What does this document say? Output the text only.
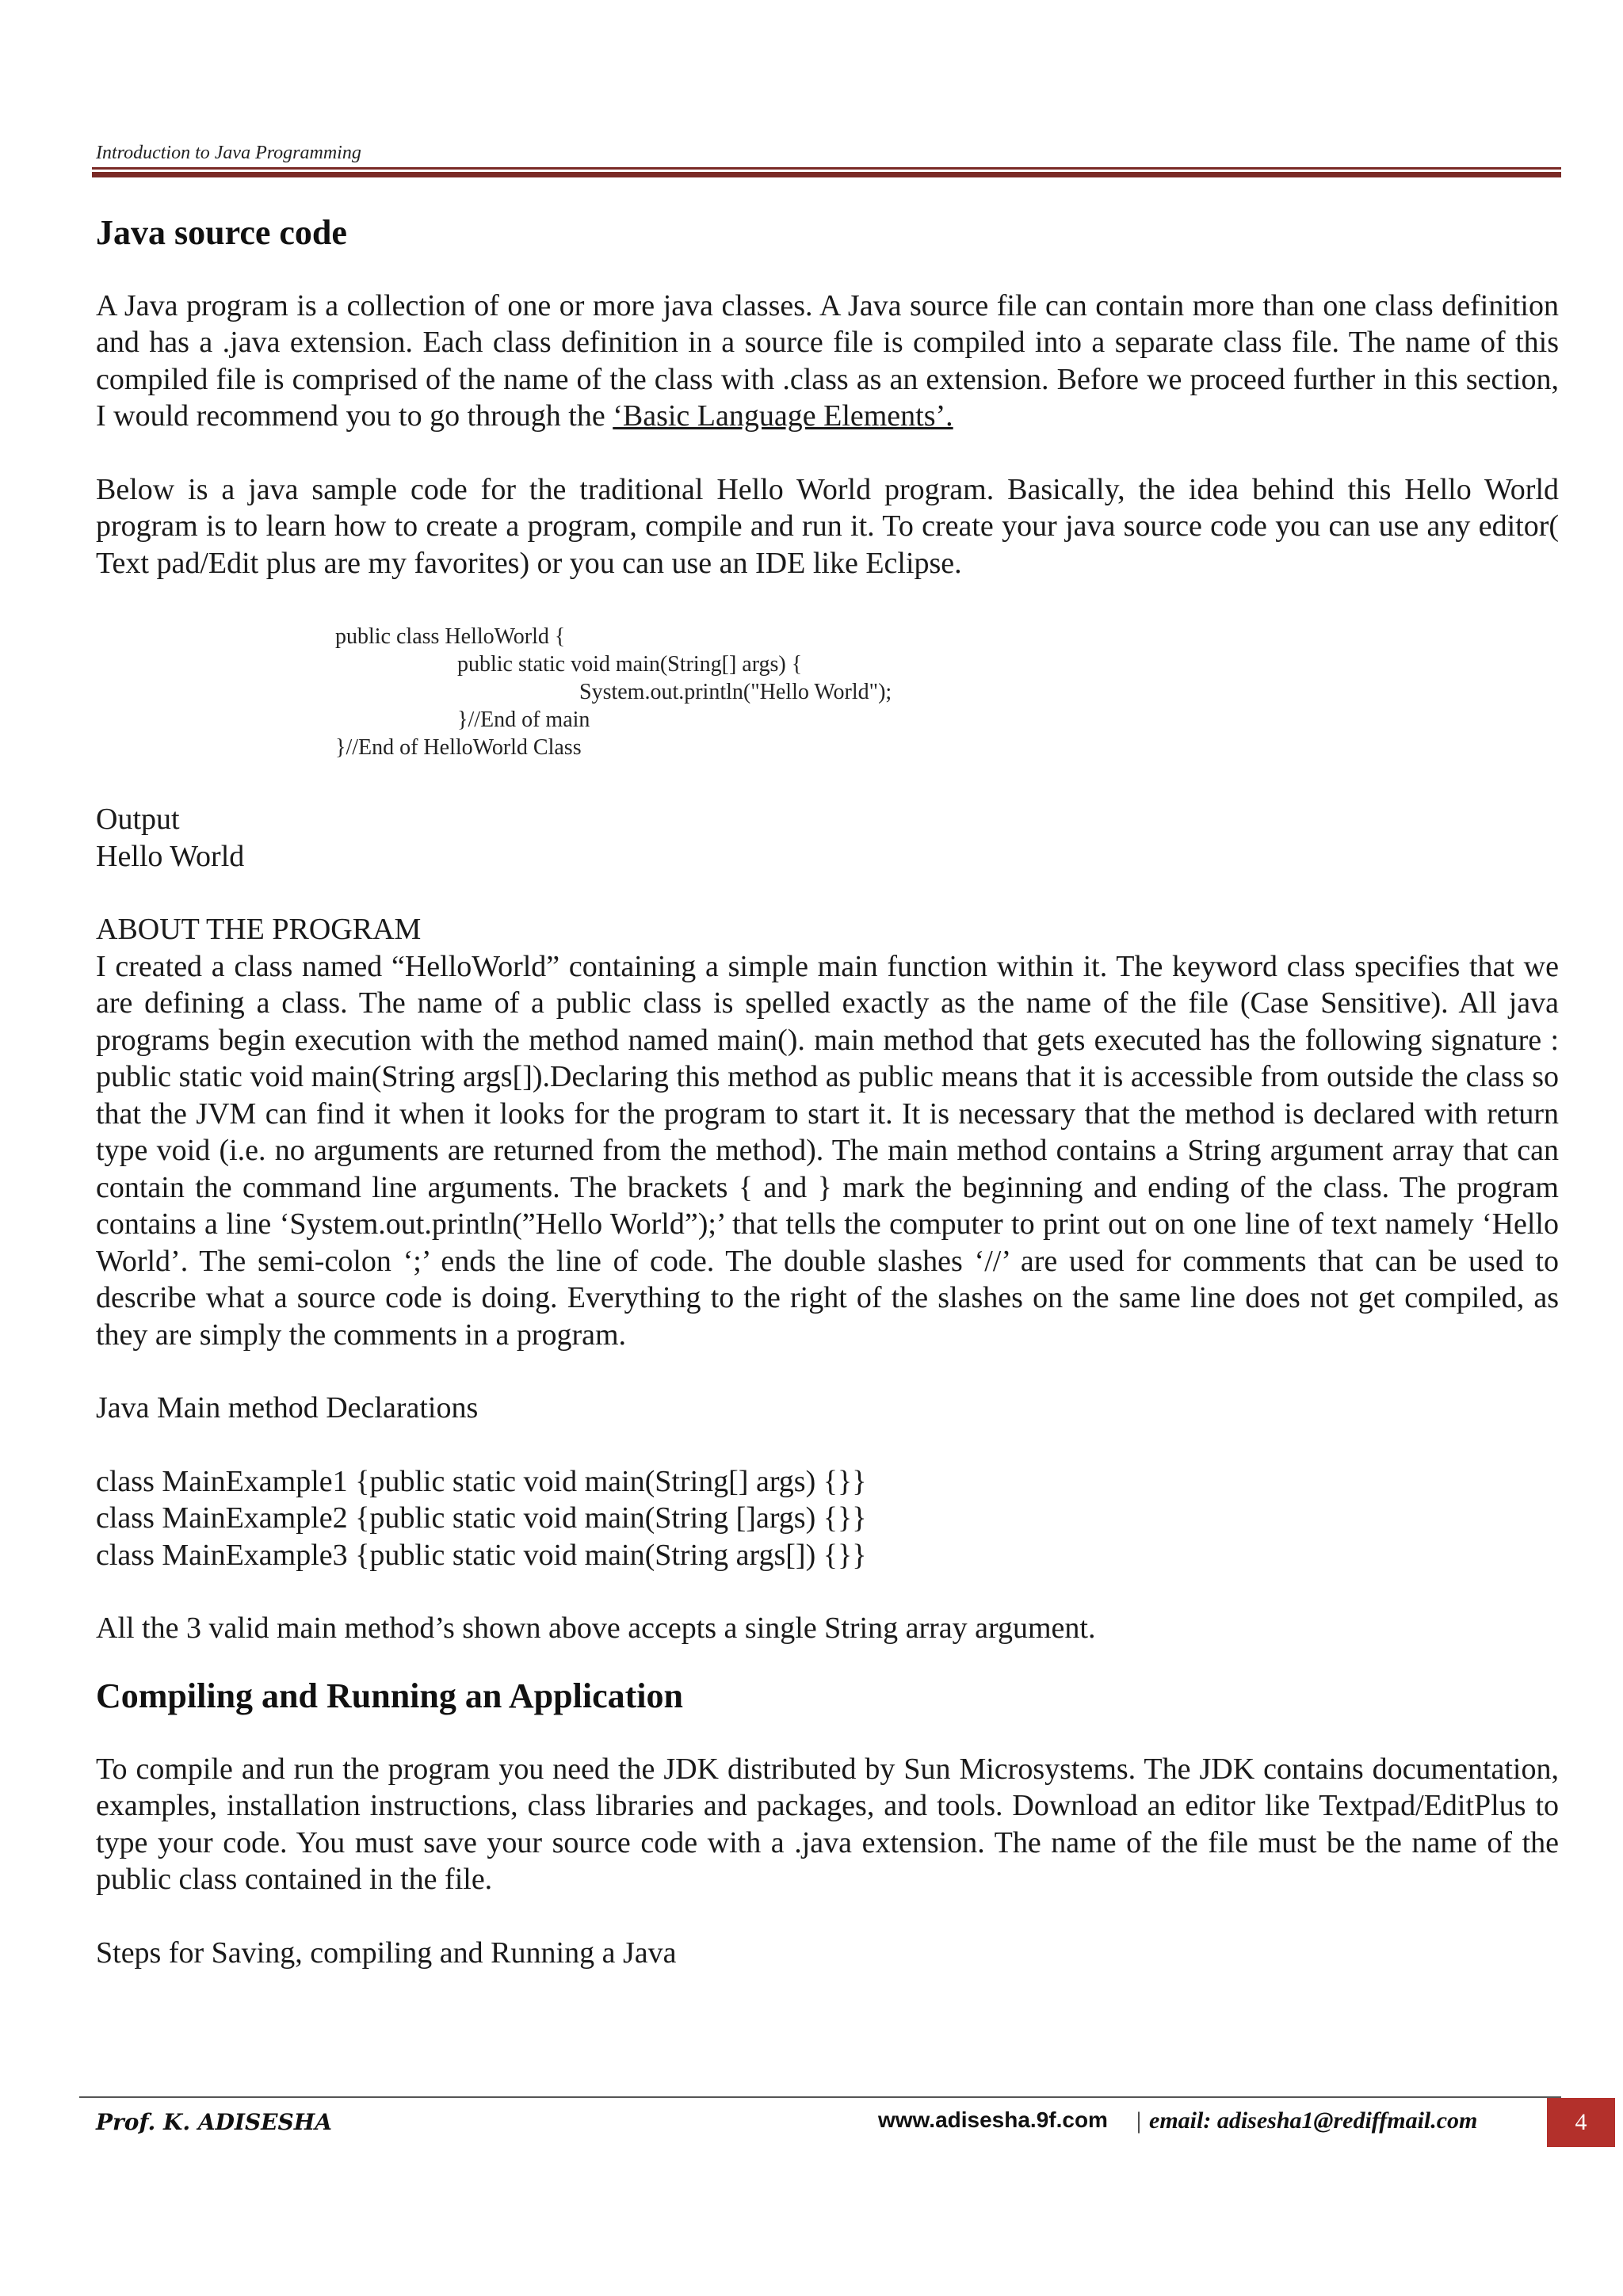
Introduction to Java Programming
Java source code

A Java program is a collection of one or more java classes. A Java source file can contain more than one class definition and has a .java extension. Each class definition in a source file is compiled into a separate class file. The name of this compiled file is comprised of the name of the class with .class as an extension. Before we proceed further in this section, I would recommend you to go through the ‘Basic Language Elements’.

Below is a java sample code for the traditional Hello World program. Basically, the idea behind this Hello World program is to learn how to create a program, compile and run it. To create your java source code you can use any editor( Text pad/Edit plus are my favorites) or you can use an IDE like Eclipse.

public class HelloWorld {
public static void main(String[] args) {
System.out.println("Hello World");
}//End of main
}//End of HelloWorld Class
Output
Hello World
ABOUT THE PROGRAM

I created a class named “HelloWorld” containing a simple main function within it. The keyword class specifies that we are defining a class. The name of a public class is spelled exactly as the name of the file (Case Sensitive). All java programs begin execution with the method named main(). main method that gets executed has the following signature : public static void main(String args[]).Declaring this method as public means that it is accessible from outside the class so that the JVM can find it when it looks for the program to start it. It is necessary that the method is declared with return type void (i.e. no arguments are returned from the method). The main method contains a String argument array that can contain the command line arguments. The brackets { and } mark the beginning and ending of the class. The program contains a line ‘System.out.println(”Hello World”);’ that tells the computer to print out on one line of text namely ‘Hello World’. The semi-colon ‘;’ ends the line of code. The double slashes ‘//’ are used for comments that can be used to describe what a source code is doing. Everything to the right of the slashes on the same line does not get compiled, as they are simply the comments in a program.

Java Main method Declarations
class MainExample1 {public static void main(String[] args) {}}
class MainExample2 {public static void main(String []args) {}}
class MainExample3 {public static void main(String args[]) {}}
All the 3 valid main method’s shown above accepts a single String array argument.
Compiling and Running an Application

To compile and run the program you need the JDK distributed by Sun Microsystems. The JDK contains documentation, examples, installation instructions, class libraries and packages, and tools. Download an editor like Textpad/EditPlus to type your code. You must save your source code with a .java extension. The name of the file must be the name of the public class contained in the file.

Steps for Saving, compiling and Running a Java
Prof. K. ADISESHA	www.adisesha.9f.com | email: adisesha1@rediffmail.com	4
